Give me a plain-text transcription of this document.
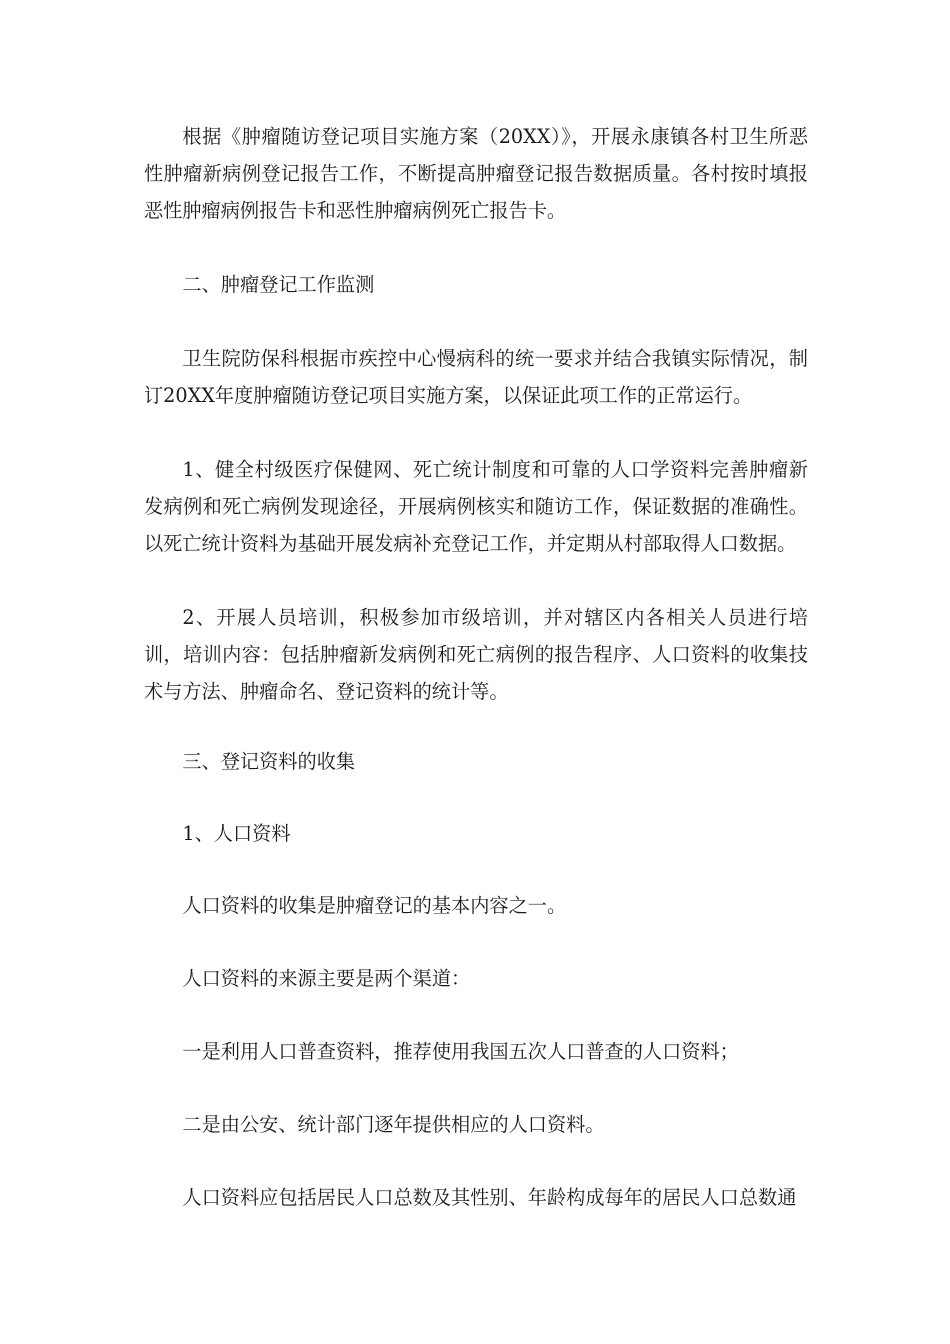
根据《肿瘤随访登记项目实施方案（20XX）》，开展永康镇各村卫生所恶性肿瘤新病例登记报告工作，不断提高肿瘤登记报告数据质量。各村按时填报恶性肿瘤病例报告卡和恶性肿瘤病例死亡报告卡。

二、肿瘤登记工作监测

卫生院防保科根据市疾控中心慢病科的统一要求并结合我镇实际情况，制订20XX年度肿瘤随访登记项目实施方案，以保证此项工作的正常运行。

1、健全村级医疗保健网、死亡统计制度和可靠的人口学资料完善肿瘤新发病例和死亡病例发现途径，开展病例核实和随访工作，保证数据的准确性。以死亡统计资料为基础开展发病补充登记工作，并定期从村部取得人口数据。

2、开展人员培训，积极参加市级培训，并对辖区内各相关人员进行培训，培训内容：包括肿瘤新发病例和死亡病例的报告程序、人口资料的收集技术与方法、肿瘤命名、登记资料的统计等。

三、登记资料的收集

1、人口资料

人口资料的收集是肿瘤登记的基本内容之一。

人口资料的来源主要是两个渠道：

一是利用人口普查资料，推荐使用我国五次人口普查的人口资料；

二是由公安、统计部门逐年提供相应的人口资料。

人口资料应包括居民人口总数及其性别、年龄构成每年的居民人口总数通
